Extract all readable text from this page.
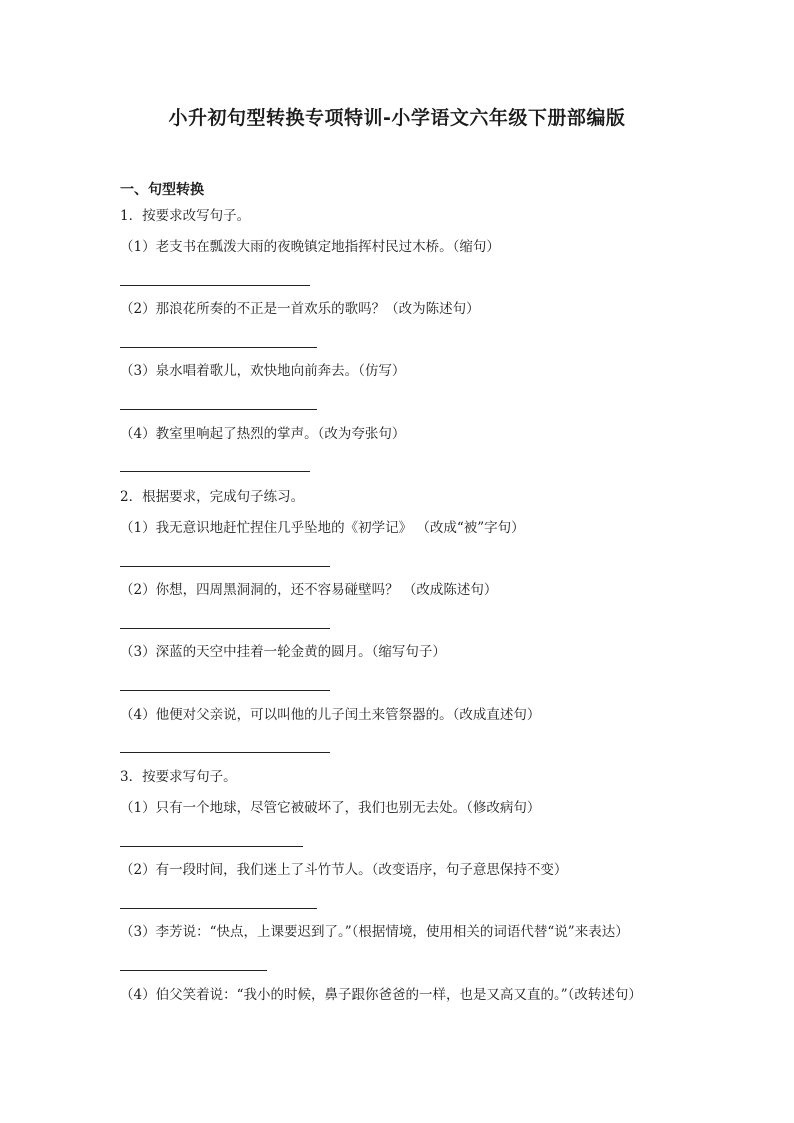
小升初句型转换专项特训-小学语文六年级下册部编版
一、句型转换
1．按要求改写句子。
（1）老支书在瓢泼大雨的夜晚镇定地指挥村民过木桥。（缩句）
（2）那浪花所奏的不正是一首欢乐的歌吗？（改为陈述句）
（3）泉水唱着歌儿，欢快地向前奔去。（仿写）
（4）教室里响起了热烈的掌声。（改为夸张句）
2．根据要求，完成句子练习。
（1）我无意识地赶忙捏住几乎坠地的《初学记》 （改成“被”字句）
（2）你想，四周黑洞洞的，还不容易碰壁吗？ （改成陈述句）
（3）深蓝的天空中挂着一轮金黄的圆月。（缩写句子）
（4）他便对父亲说，可以叫他的儿子闰土来管祭器的。（改成直述句）
3．按要求写句子。
（1）只有一个地球，尽管它被破坏了，我们也别无去处。（修改病句）
（2）有一段时间，我们迷上了斗竹节人。（改变语序，句子意思保持不变）
（3）李芳说：“快点，上课要迟到了。”（根据情境，使用相关的词语代替“说”来表达）
（4）伯父笑着说：“我小的时候，鼻子跟你爸爸的一样，也是又高又直的。”（改转述句）
